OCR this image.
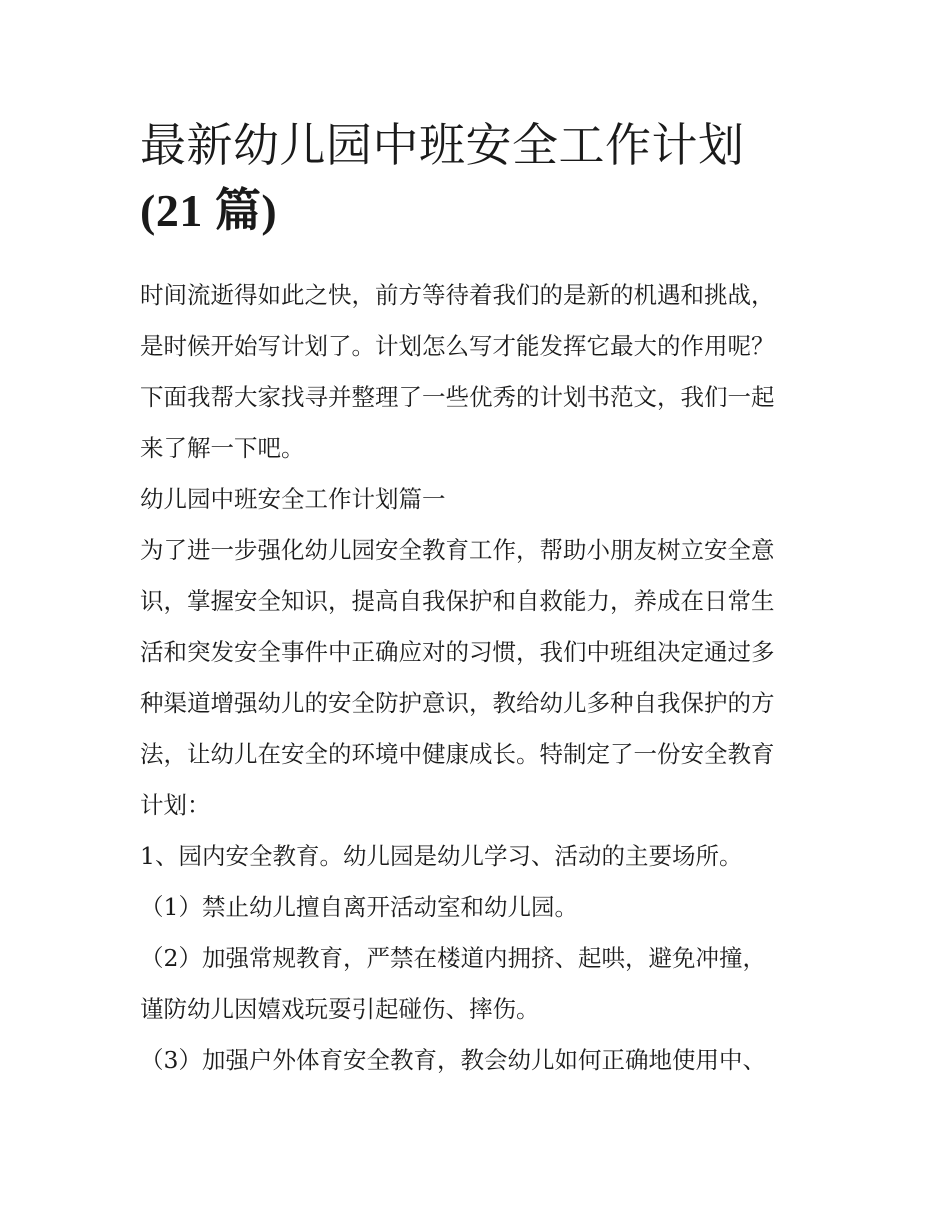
最新幼儿园中班安全工作计划
(21 篇)
时间流逝得如此之快，前方等待着我们的是新的机遇和挑战，
是时候开始写计划了。计划怎么写才能发挥它最大的作用呢？
下面我帮大家找寻并整理了一些优秀的计划书范文，我们一起
来了解一下吧。
幼儿园中班安全工作计划篇一
为了进一步强化幼儿园安全教育工作，帮助小朋友树立安全意
识，掌握安全知识，提高自我保护和自救能力，养成在日常生
活和突发安全事件中正确应对的习惯，我们中班组决定通过多
种渠道增强幼儿的安全防护意识，教给幼儿多种自我保护的方
法，让幼儿在安全的环境中健康成长。特制定了一份安全教育
计划：
1、园内安全教育。幼儿园是幼儿学习、活动的主要场所。
（1）禁止幼儿擅自离开活动室和幼儿园。
（2）加强常规教育，严禁在楼道内拥挤、起哄，避免冲撞，
谨防幼儿因嬉戏玩耍引起碰伤、摔伤。
（3）加强户外体育安全教育，教会幼儿如何正确地使用中、
